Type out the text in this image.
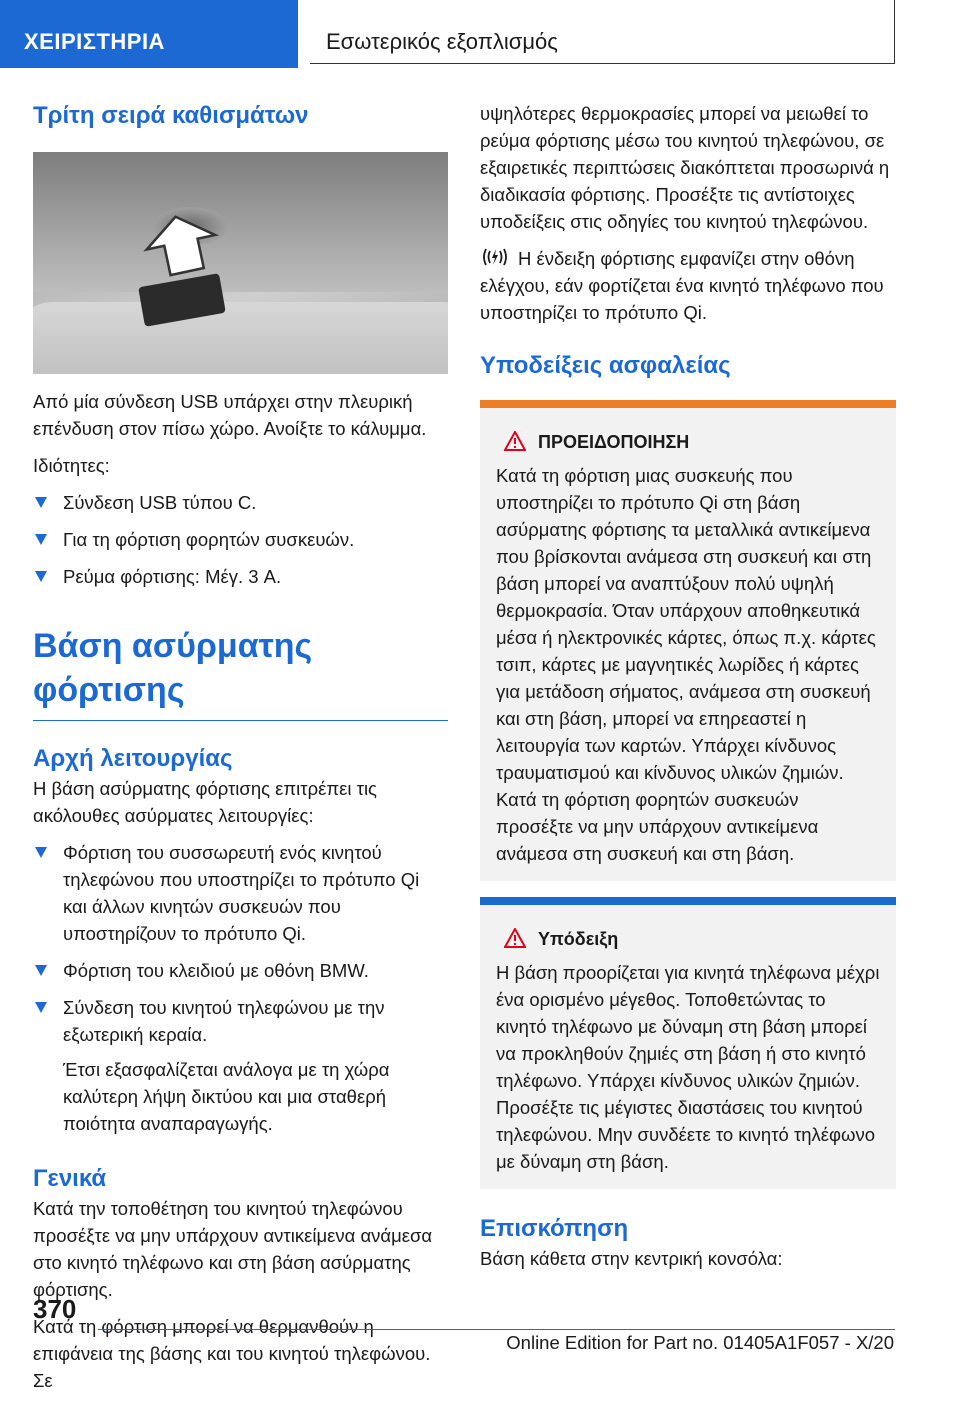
ΧΕΙΡΙΣΤΗΡΙΑ	Εσωτερικός εξοπλισμός
Τρίτη σειρά καθισμάτων

Από μία σύνδεση USB υπάρχει στην πλευρική επένδυση στον πίσω χώρο. Ανοίξτε το κάλυμμα.

Ιδιότητες:

Σύνδεση USB τύπου C.
Για τη φόρτιση φορητών συσκευών.
Ρεύμα φόρτισης: Μέγ. 3 A.
Βάση ασύρματης φόρτισης
Αρχή λειτουργίας

Η βάση ασύρματης φόρτισης επιτρέπει τις ακόλουθες ασύρματες λειτουργίες:

Φόρτιση του συσσωρευτή ενός κινητού τηλεφώνου που υποστηρίζει το πρότυπο Qi και άλλων κινητών συσκευών που υποστηρίζουν το πρότυπο Qi.
Φόρτιση του κλειδιού με οθόνη BMW.
Σύνδεση του κινητού τηλεφώνου με την εξωτερική κεραία.

Έτσι εξασφαλίζεται ανάλογα με τη χώρα καλύτερη λήψη δικτύου και μια σταθερή ποιότητα αναπαραγωγής.

Γενικά

Κατά την τοποθέτηση του κινητού τηλεφώνου προσέξτε να μην υπάρχουν αντικείμενα ανάμεσα στο κινητό τηλέφωνο και στη βάση ασύρματης φόρτισης.

Κατά τη φόρτιση μπορεί να θερμανθούν η επιφάνεια της βάσης και του κινητού τηλεφώνου. Σε

υψηλότερες θερμοκρασίες μπορεί να μειωθεί το ρεύμα φόρτισης μέσω του κινητού τηλεφώνου, σε εξαιρετικές περιπτώσεις διακόπτεται προσωρινά η διαδικασία φόρτισης. Προσέξτε τις αντίστοιχες υποδείξεις στις οδηγίες του κινητού τηλεφώνου.

Η ένδειξη φόρτισης εμφανίζει στην οθόνη ελέγχου, εάν φορτίζεται ένα κινητό τηλέφωνο που υποστηρίζει το πρότυπο Qi.

Υποδείξεις ασφαλείας
ΠΡΟΕΙΔΟΠΟΙΗΣΗ

Κατά τη φόρτιση μιας συσκευής που υποστηρίζει το πρότυπο Qi στη βάση ασύρματης φόρτισης τα μεταλλικά αντικείμενα που βρίσκονται ανάμεσα στη συσκευή και στη βάση μπορεί να αναπτύξουν πολύ υψηλή θερμοκρασία. Όταν υπάρχουν αποθηκευτικά μέσα ή ηλεκτρονικές κάρτες, όπως π.χ. κάρτες τσιπ, κάρτες με μαγνητικές λωρίδες ή κάρτες για μετάδοση σήματος, ανάμεσα στη συσκευή και στη βάση, μπορεί να επηρεαστεί η λειτουργία των καρτών. Υπάρχει κίνδυνος τραυματισμού και κίνδυνος υλικών ζημιών. Κατά τη φόρτιση φορητών συσκευών προσέξτε να μην υπάρχουν αντικείμενα ανάμεσα στη συσκευή και στη βάση.

Υπόδειξη

Η βάση προορίζεται για κινητά τηλέφωνα μέχρι ένα ορισμένο μέγεθος. Τοποθετώντας το κινητό τηλέφωνο με δύναμη στη βάση μπορεί να προκληθούν ζημιές στη βάση ή στο κινητό τηλέφωνο. Υπάρχει κίνδυνος υλικών ζημιών. Προσέξτε τις μέγιστες διαστάσεις του κινητού τηλεφώνου. Μην συνδέετε το κινητό τηλέφωνο με δύναμη στη βάση.

Επισκόπηση

Βάση κάθετα στην κεντρική κονσόλα:

370
Online Edition for Part no. 01405A1F057 - X/20
